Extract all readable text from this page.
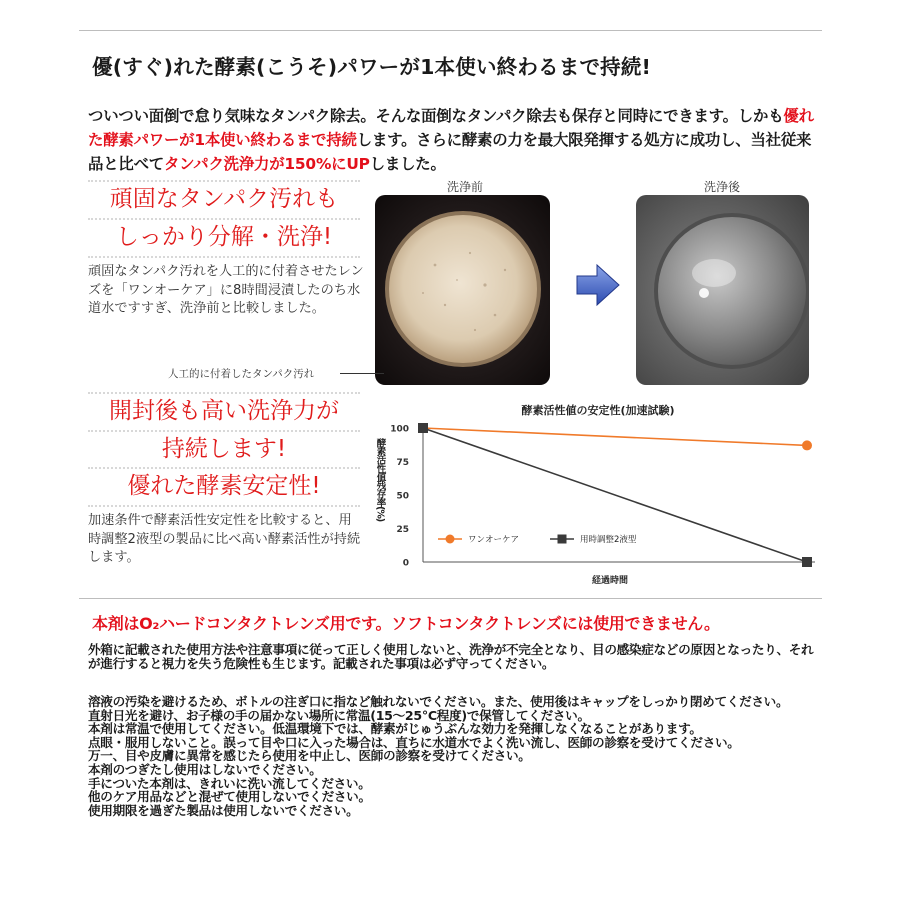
優(すぐ)れた酵素(こうそ)パワーが1本使い終わるまで持続!
ついつい面倒で怠り気味なタンパク除去。そんな面倒なタンパク除去も保存と同時にできます。しかも優れた酵素パワーが1本使い終わるまで持続します。さらに酵素の力を最大限発揮する処方に成功し、当社従来品と比べてタンパク洗浄力が150%にUPしました。
頑固なタンパク汚れも
しっかり分解・洗浄!
頑固なタンパク汚れを人工的に付着させたレンズを「ワンオーケア」に8時間浸漬したのち水道水ですすぎ、洗浄前と比較しました。
洗浄前	洗浄後
人工的に付着したタンパク汚れ
開封後も高い洗浄力が
持続します!
優れた酵素安定性!
加速条件で酵素活性安定性を比較すると、用時調整2液型の製品に比べ高い酵素活性が持続します。
酵素活性値の安定性(加速試験)
経過時間
0
25
50
75
100
酵素活性値残存率(%)
ワンオーケア	用時調整2液型
本剤はO₂ハードコンタクトレンズ用です。ソフトコンタクトレンズには使用できません。

外箱に記載された使用方法や注意事項に従って正しく使用しないと、洗浄が不完全となり、目の感染症などの原因となったり、それが進行すると視力を失う危険性も生じます。記載された事項は必ず守ってください。

溶液の汚染を避けるため、ボトルの注ぎ口に指など触れないでください。また、使用後はキャップをしっかり閉めてください。

直射日光を避け、お子様の手の届かない場所に常温(15～25°C程度)で保管してください。

本剤は常温で使用してください。低温環境下では、酵素がじゅうぶんな効力を発揮しなくなることがあります。

点眼・服用しないこと。誤って目や口に入った場合は、直ちに水道水でよく洗い流し、医師の診察を受けてください。

万一、目や皮膚に異常を感じたら使用を中止し、医師の診察を受けてください。

本剤のつぎたし使用はしないでください。

手についた本剤は、きれいに洗い流してください。

他のケア用品などと混ぜて使用しないでください。

使用期限を過ぎた製品は使用しないでください。
